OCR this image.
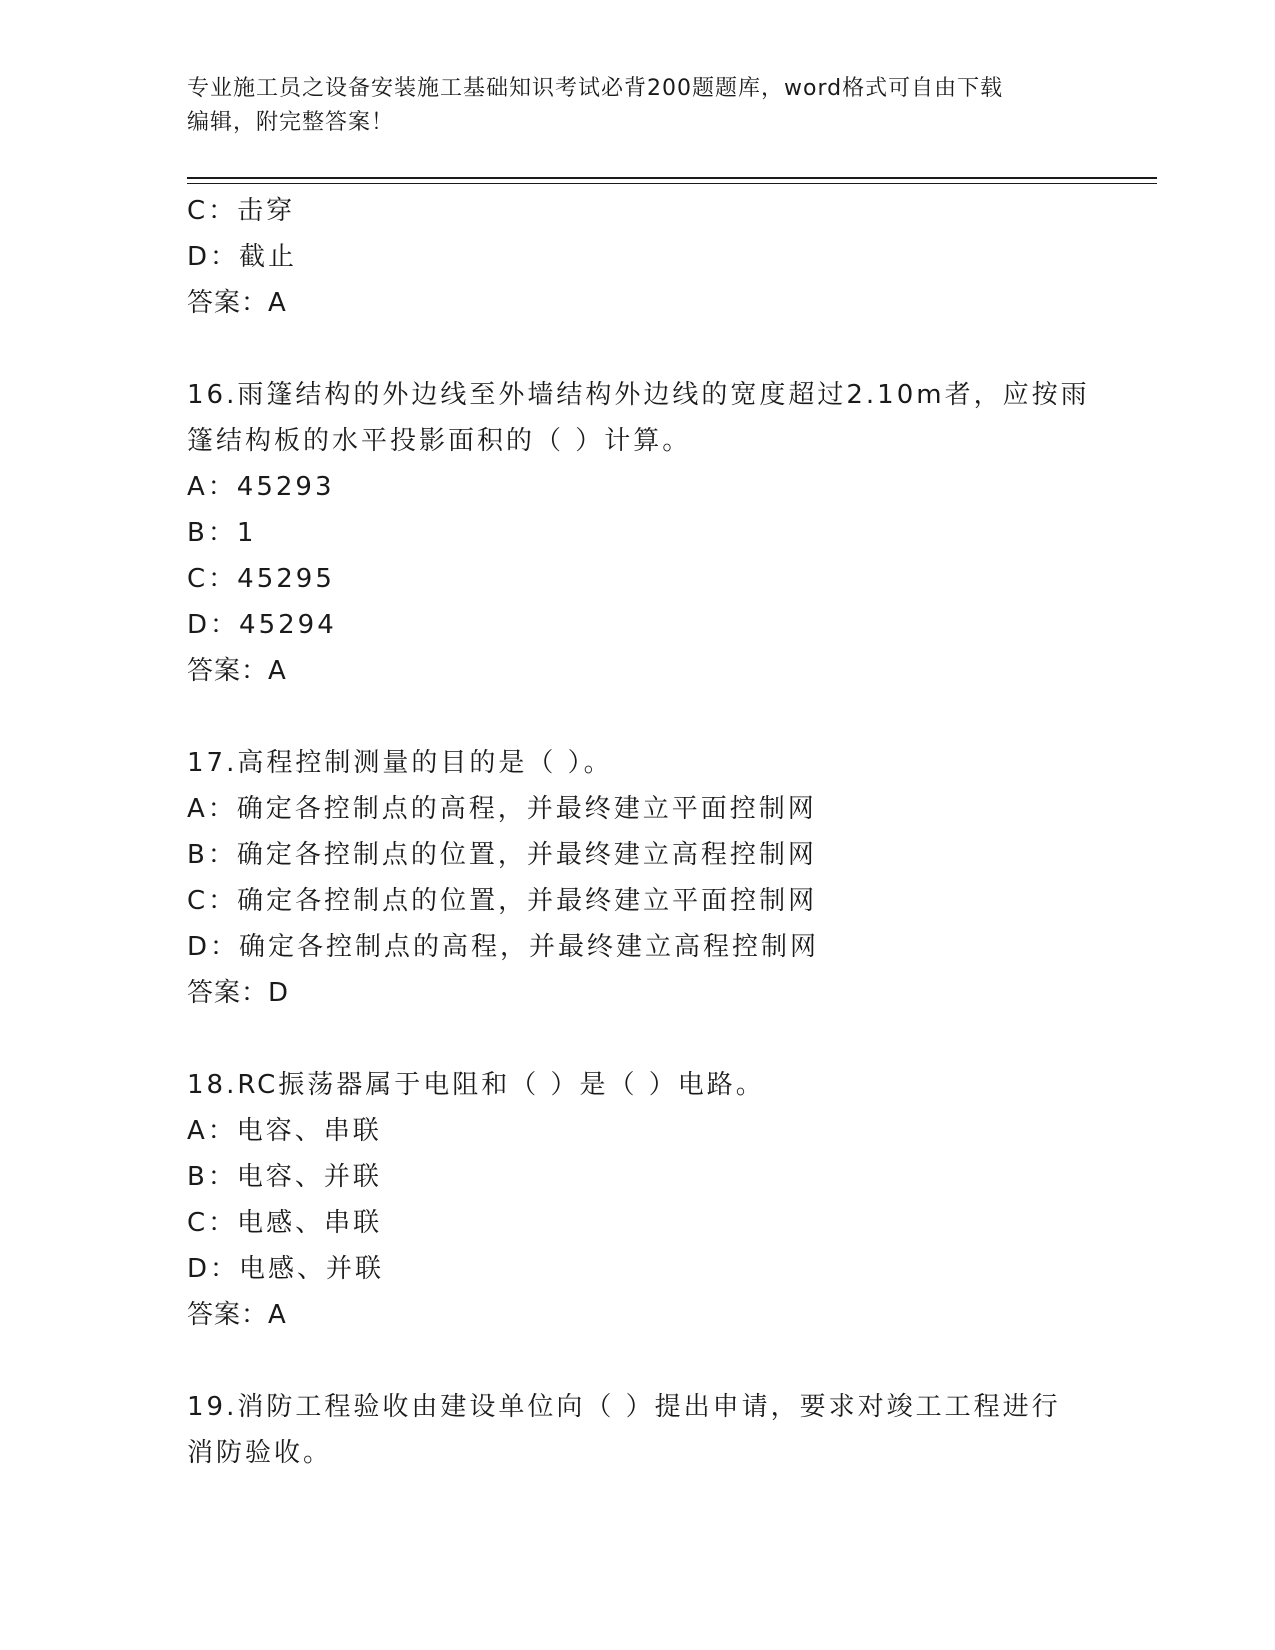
专业施工员之设备安装施工基础知识考试必背200题题库，word格式可自由下载
编辑，附完整答案！
C：击穿
D：截止
答案：A
16.雨篷结构的外边线至外墙结构外边线的宽度超过2.10m者，应按雨
篷结构板的水平投影面积的（ ）计算。
A：45293
B：1
C：45295
D：45294
答案：A
17.高程控制测量的目的是（ ）。
A：确定各控制点的高程，并最终建立平面控制网
B：确定各控制点的位置，并最终建立高程控制网
C：确定各控制点的位置，并最终建立平面控制网
D：确定各控制点的高程，并最终建立高程控制网
答案：D
18.RC振荡器属于电阻和（ ）是（ ）电路。
A：电容、串联
B：电容、并联
C：电感、串联
D：电感、并联
答案：A
19.消防工程验收由建设单位向（ ）提出申请，要求对竣工工程进行
消防验收。
